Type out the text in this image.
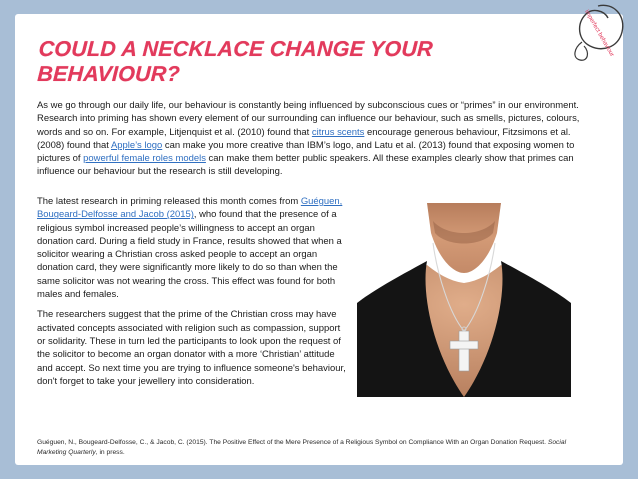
imperfect behaviour
COULD A NECKLACE CHANGE YOUR BEHAVIOUR?

As we go through our daily life, our behaviour is constantly being influenced by subconscious cues or “primes” in our environment. Research into priming has shown every element of our surrounding can influence our behaviour, such as smells, pictures, colours, words and so on. For example, Litjenquist et al. (2010) found that citrus scents encourage generous behaviour, Fitzsimons et al. (2008) found that Apple’s logo can make you more creative than IBM’s logo, and Latu et al. (2013) found that exposing women to pictures of powerful female roles models can make them better public speakers. All these examples clearly show that primes can influence our behaviour but the research is still developing.

The latest research in priming released this month comes from Guéguen, Bougeard-Delfosse and Jacob (2015), who found that the presence of a religious symbol increased people’s willingness to accept an organ donation card. During a field study in France, results showed that when a solicitor wearing a Christian cross asked people to accept an organ donation card, they were significantly more likely to do so than when the same solicitor was not wearing the cross. This effect was found for both males and females.

The researchers suggest that the prime of the Christian cross may have activated concepts associated with religion such as compassion, support or solidarity. These in turn led the participants to look upon the request of the solicitor to become an organ donator with a more ‘Christian’ attitude and accept. So next time you are trying to influence someone's behaviour, don't forget to take your jewellery into consideration.

Guéguen, N., Bougeard-Delfosse, C., & Jacob, C. (2015). The Positive Effect of the Mere Presence of a Religious Symbol on Compliance With an Organ Donation Request. Social Marketing Quarterly, in press.
